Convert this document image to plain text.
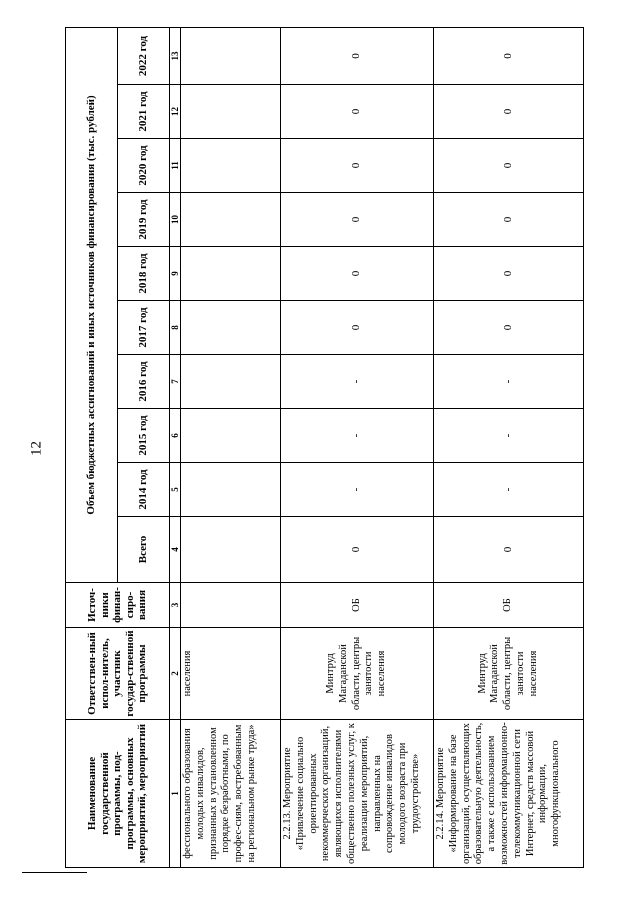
12
Наименование государственной программы, под-программы, основных мероприятий, мероприятий	Ответствен-ный испол-нитель, участник государ-ственной программы	Источ-ники финан-сиро-вания	Объем бюджетных ассигнований и иных источников финансирования (тыс. рублей)									
			Всего	2014 год	2015 год	2016 год	2017 год	2018 год	2019 год	2020 год	2021 год	2022 год
1	2	3	4	5	6	7	8	9	10	11	12	13
фессионального образования молодых инвалидов, признанных в установленном порядке безработными, по профес-сиям, востребованным на региональном рынке труда»	населения											
2.2.13. Мероприятие «Привлечение социально ориентированных некоммерческих организаций, являющихся исполнителями общественно полезных услуг, к реализации мероприятий, направленных на сопровождение инвалидов молодого возраста при трудоустройстве»	Минтруд Магаданской области, центры занятости населения	ОБ	0	-	-	-	0	0	0	0	0	0
2.2.14. Мероприятие «Информирование на базе организаций, осуществляющих образовательную деятельность, а также с использованием возможностей информационно-телекоммуникационной сети Интернет, средств массовой информации, многофункционального	Минтруд Магаданской области, центры занятости населения	ОБ	0	-	-	-	0	0	0	0	0	0
